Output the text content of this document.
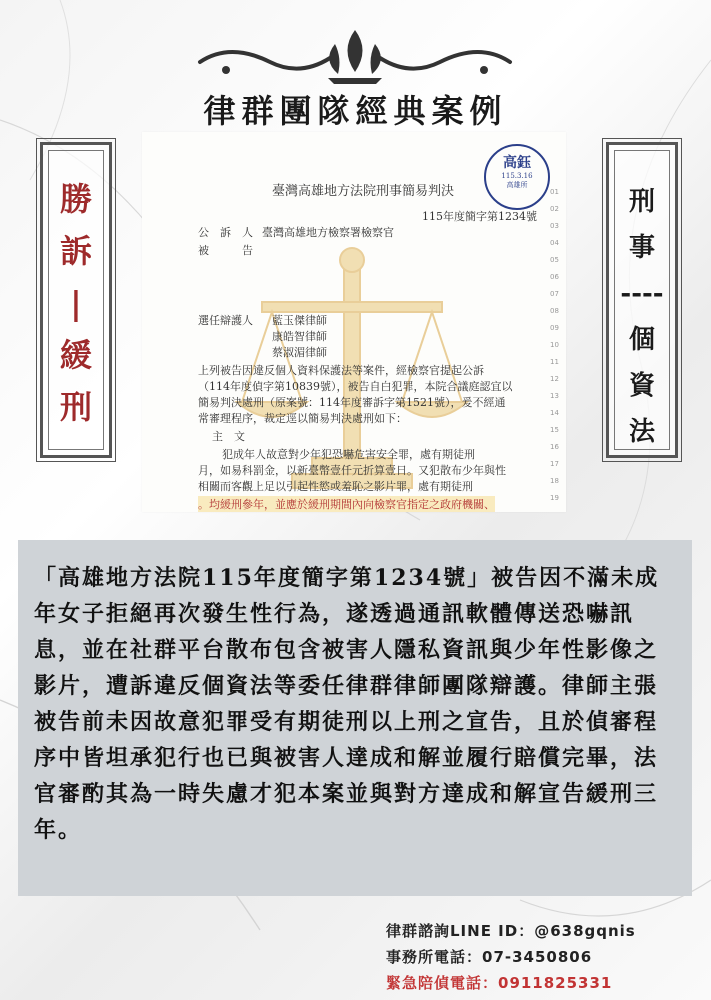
律群團隊經典案例
勝
訴
|
緩
刑
刑
事
----
個
資
法
高鈺
115.3.16
高雄所
臺灣高雄地方法院刑事簡易判決
115年度簡字第1234號
公　訴　人 臺灣高雄地方檢察署檢察官
被　　　告
選任辯護人 藍玉傑律師
康皓智律師
蔡淑湄律師
上列被告因違反個人資料保護法等案件，經檢察官提起公訴
（114年度偵字第10839號），被告自白犯罪，本院合議庭認宜以
簡易判決處刑（原案號：114年度審訴字第1521號），爰不經通
常審理程序，裁定逕以簡易判決處刑如下：
主　文
犯成年人故意對少年犯恐嚇危害安全罪，處有期徒刑
月，如易科罰金，以新臺幣壹仟元折算壹日。又犯散布少年與性
相關而客觀上足以引起性慾或羞恥之影片罪，處有期徒刑
。均緩刑參年，並應於緩刑期間內向檢察官指定之政府機關、
01
02
03
04
05
06
07
08
09
10
11
12
13
14
15
16
17
18
19
「高雄地方法院115年度簡字第1234號」被告因不滿未成年女子拒絕再次發生性行為，遂透過通訊軟體傳送恐嚇訊息，並在社群平台散布包含被害人隱私資訊與少年性影像之影片，遭訴違反個資法等委任律群律師團隊辯護。律師主張被告前未因故意犯罪受有期徒刑以上刑之宣告，且於偵審程序中皆坦承犯行也已與被害人達成和解並履行賠償完畢，法官審酌其為一時失慮才犯本案並與對方達成和解宣告緩刑三年。
律群諮詢LINE ID：@638gqnis
事務所電話：07-3450806
緊急陪偵電話：0911825331
